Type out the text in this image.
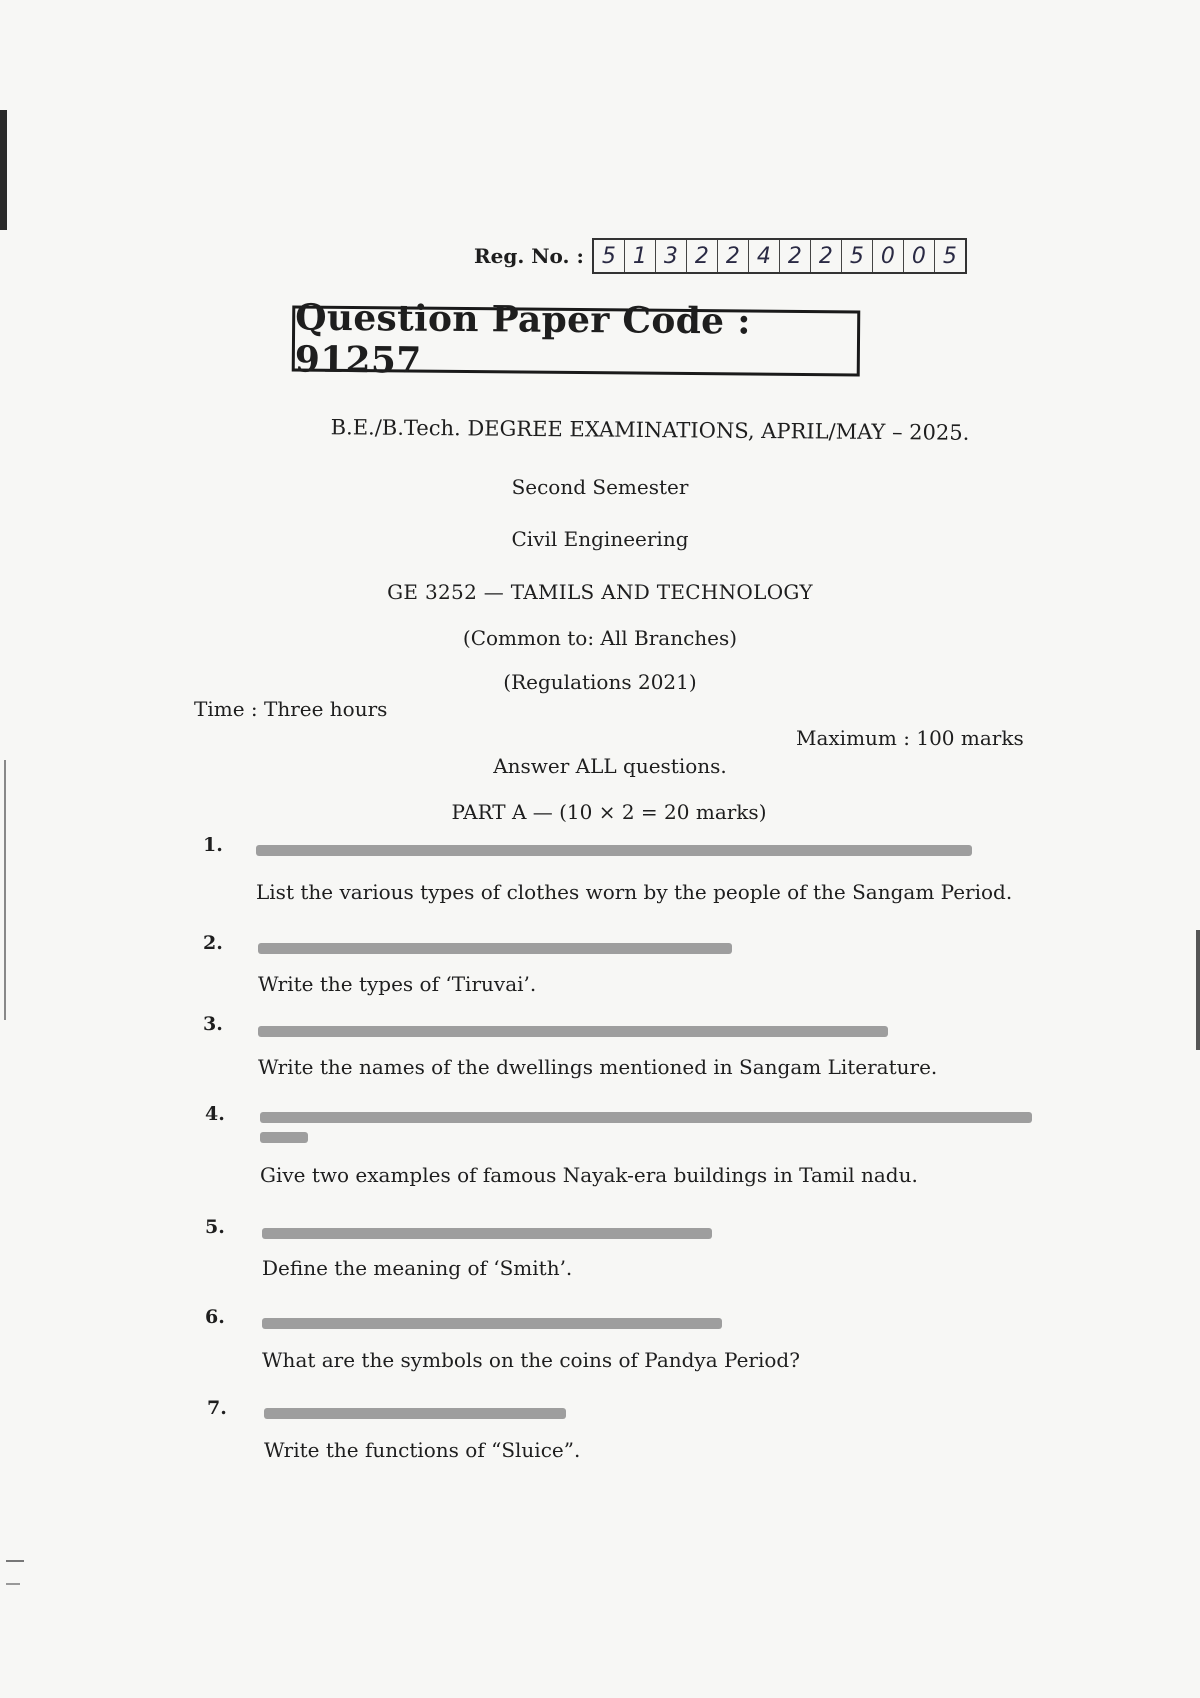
Reg. No. : 5 1 3 2 2 4 2 2 5 0 0 5
Question Paper Code : 91257
B.E./B.Tech. DEGREE EXAMINATIONS, APRIL/MAY – 2025.
Second Semester
Civil Engineering
GE 3252 — TAMILS AND TECHNOLOGY
(Common to: All Branches)
(Regulations 2021)
Time : Three hours
Maximum : 100 marks
Answer ALL questions.
PART A — (10 × 2 = 20 marks)
1.
List the various types of clothes worn by the people of the Sangam Period.
2.
Write the types of ‘Tiruvai’.
3.
Write the names of the dwellings mentioned in Sangam Literature.
4.
Give two examples of famous Nayak-era buildings in Tamil nadu.
5.
Define the meaning of ‘Smith’.
6.
What are the symbols on the coins of Pandya Period?
7.
Write the functions of “Sluice”.
